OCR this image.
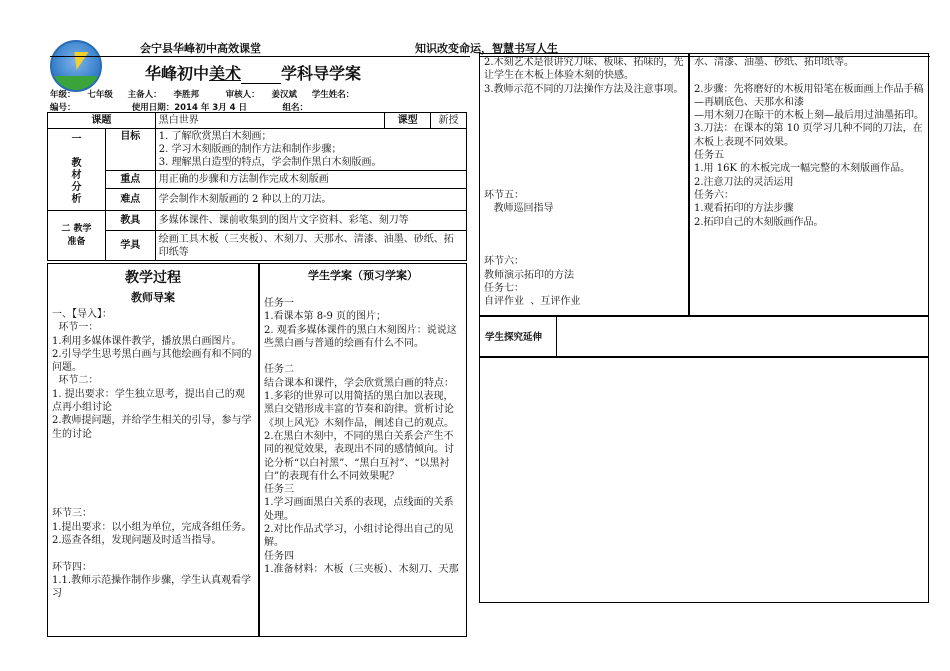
会宁县华峰初中高效课堂	知识改变命运，智慧书写人生
华峰初中美术	学科导学案
年级：    七年级     主备人：    李胜邦         审核人：    姜汉斌     学生姓名：
编号：                   使用日期：2014 年 3月 4 日            组名：
课题		黑白世界	课型	新授
一

教
材
分
析	目标	1. 了解欣赏黑白木刻画；
2. 学习木刻版画的制作方法和制作步骤；
3. 理解黑白造型的特点，学会制作黑白木刻版画。		
	重点	用正确的步骤和方法制作完成木刻版画		
	难点	学会制作木刻版画的 2 种以上的刀法。		
二 教学
准备	教具	多媒体课件、课前收集到的图片文字资料、彩笔、刻刀等		
	学具	绘画工具木板（三夹板）、木刻刀、天那水、清漆、油墨、砂纸、拓印纸等		
教学过程
教师导案
一、【导入】：
环节一：
1.利用多媒体课件教学，播放黑白画图片。
2.引导学生思考黑白画与其他绘画有和不同的问题。
环节二：
1. 提出要求：学生独立思考，提出自己的观点再小组讨论
2.教师提问题，并给学生相关的引导，参与学生的讨论

环节三：
1.提出要求：以小组为单位，完成各组任务。
2.巡查各组，发现问题及时适当指导。

环节四：
1.1.教师示范操作制作步骤，学生认真观看学习
学生学案（预习学案）
任务一
1.看课本第 8-9 页的图片；
2. 观看多媒体课件的黑白木刻图片：说说这些黑白画与普通的绘画有什么不同。

任务二
结合课本和课件，学会欣赏黑白画的特点：
1.多彩的世界可以用简括的黑白加以表现，黑白交错形成丰富的节奏和韵律。赏析讨论《坝上风光》木刻作品，阐述自己的观点。
2.在黑白木刻中，不同的黑白关系会产生不同的视觉效果，表现出不同的感情倾向。讨论分析“以白衬黑”、“黑白互衬”、“以黑衬白”的表现有什么不同效果呢？
任务三
1.学习画面黑白关系的表现，点线面的关系处理。
2.对比作品式学习，小组讨论得出自己的见解。
任务四
1.准备材料：木板（三夹板）、木刻刀、天那
2.木刻艺术是很讲究刀味、板味、拓味的，先让学生在木板上体验木刻的快感。
3.教师示范不同的刀法操作方法及注意事项。

环节五：
教师巡回指导

环节六：
教师演示拓印的方法
任务七：
自评作业  、互评作业
水、清漆、油墨、砂纸、拓印纸等。

2.步骤：先将磨好的木板用铅笔在板面画上作品手稿—再刷底色、天那水和漆
—用木刻刀在晾干的木板上刻—最后用过油墨拓印。
3.刀法：在课本的第 10 页学习几种不同的刀法，在木板上表现不同效果。
任务五
1.用 16K 的木板完成一幅完整的木刻版画作品。
2.注意刀法的灵活运用
任务六：
1.观看拓印的方法步骤
2.拓印自己的木刻版画作品。
学生探究延伸
